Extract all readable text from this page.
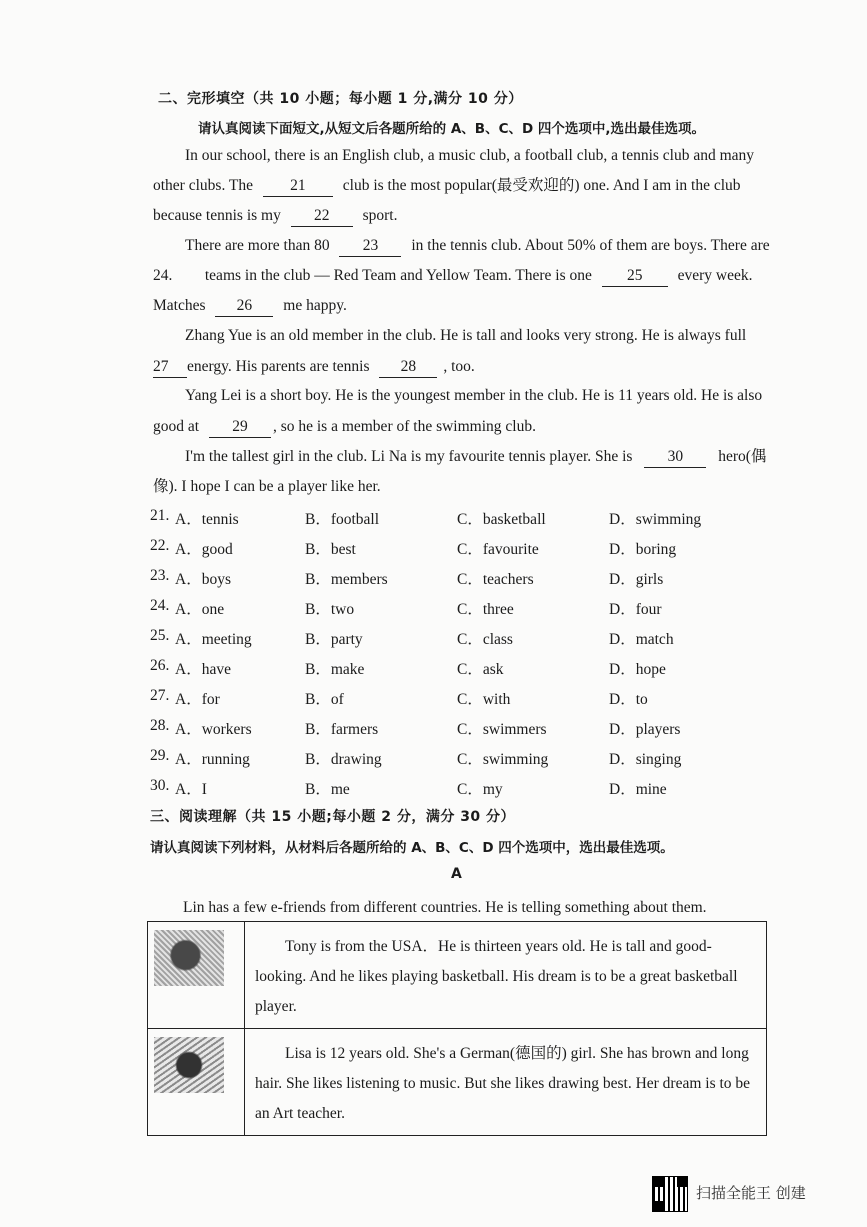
二、完形填空（共 10 小题；每小题 1 分,满分 10 分）
请认真阅读下面短文,从短文后各题所给的 A、B、C、D 四个选项中,选出最佳选项。
In our school, there is an English club, a music club, a football club, a tennis club and many
other clubs. The 21 club is the most popular(最受欢迎的) one. And I am in the club
because tennis is my 22 sport.
There are more than 80 23 in the tennis club. About 50% of them are boys. There are
24. teams in the club — Red Team and Yellow Team. There is one 25 every week.
Matches 26 me happy.
Zhang Yue is an old member in the club. He is tall and looks very strong. He is always full
27 energy. His parents are tennis 28 , too.
Yang Lei is a short boy. He is the youngest member in the club. He is 11 years old. He is also
good at 29 , so he is a member of the swimming club.
I'm the tallest girl in the club. Li Na is my favourite tennis player. She is 30 hero(偶
像). I hope I can be a player like her.
21. A．tennis	B．football	C．basketball	D．swimming
22. A．good	B．best	C．favourite	D．boring
23. A．boys	B．members	C．teachers	D．girls
24. A．one	B．two	C．three	D．four
25. A．meeting	B．party	C．class	D．match
26. A．have	B．make	C．ask	D．hope
27. A．for	B．of	C．with	D．to
28. A．workers	B．farmers	C．swimmers	D．players
29. A．running	B．drawing	C．swimming	D．singing
30. A．I	B．me	C．my	D．mine
三、阅读理解（共 15 小题;每小题 2 分，满分 30 分）
请认真阅读下列材料，从材料后各题所给的 A、B、C、D 四个选项中，选出最佳选项。
A
Lin has a few e-friends from different countries. He is telling something about them.
	Tony is from the USA．He is thirteen years old. He is tall and good-looking. And he likes playing basketball. His dream is to be a great basketball player.

	Lisa is 12 years old. She's a German(德国的) girl. She has brown and long hair. She likes listening to music. But she likes drawing best. Her dream is to be an Art teacher.
扫描全能王 创建
